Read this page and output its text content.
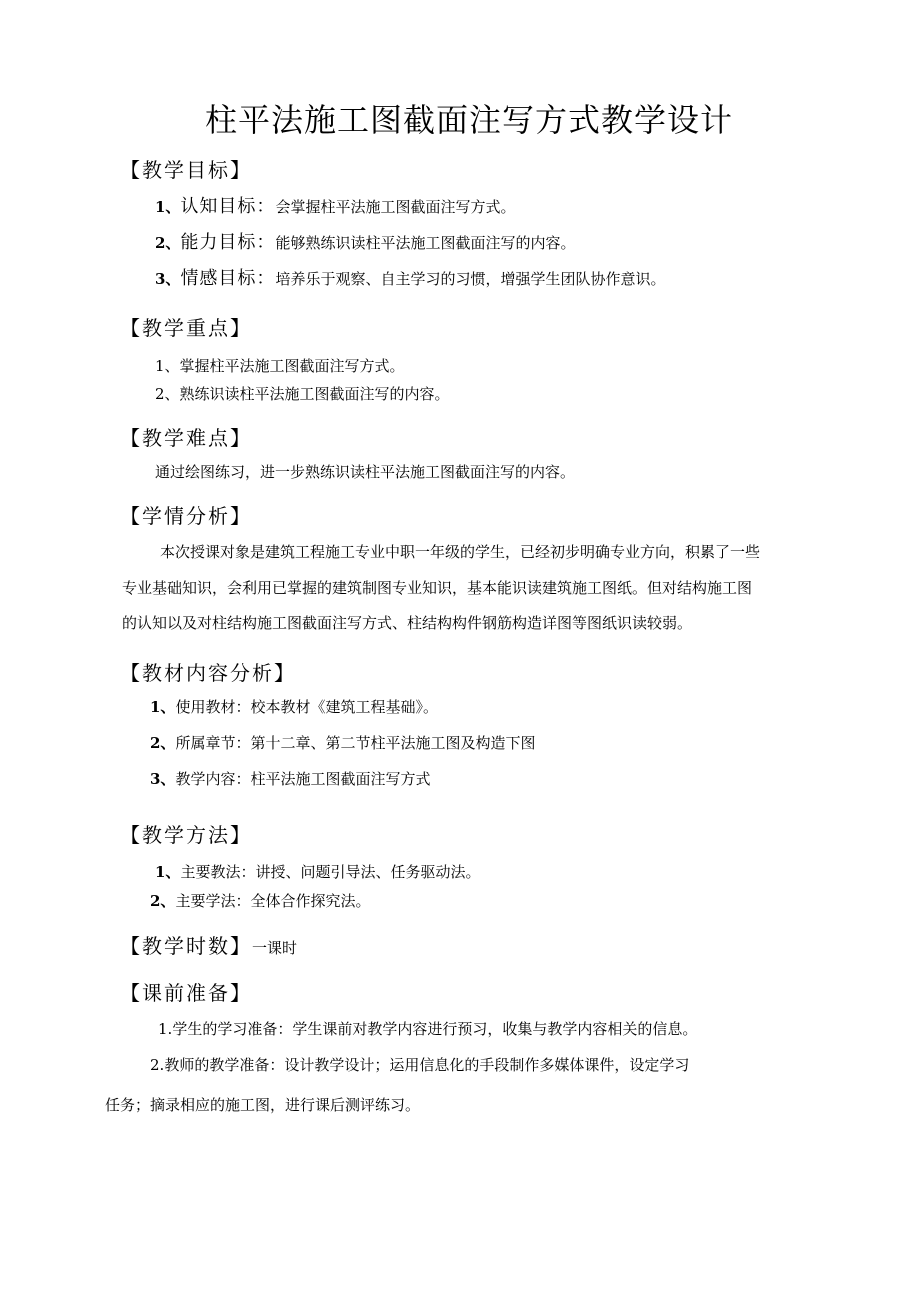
柱平法施工图截面注写方式教学设计
【教学目标】
1、认知目标：会掌握柱平法施工图截面注写方式。
2、能力目标：能够熟练识读柱平法施工图截面注写的内容。
3、情感目标：培养乐于观察、自主学习的习惯，增强学生团队协作意识。
【教学重点】
1、掌握柱平法施工图截面注写方式。
2、熟练识读柱平法施工图截面注写的内容。
【教学难点】
通过绘图练习，进一步熟练识读柱平法施工图截面注写的内容。
【学情分析】
本次授课对象是建筑工程施工专业中职一年级的学生，已经初步明确专业方向，积累了一些
专业基础知识，会利用已掌握的建筑制图专业知识，基本能识读建筑施工图纸。但对结构施工图
的认知以及对柱结构施工图截面注写方式、柱结构构件钢筋构造详图等图纸识读较弱。
【教材内容分析】
1、使用教材：校本教材《建筑工程基础》。
2、所属章节：第十二章、第二节柱平法施工图及构造下图
3、教学内容：柱平法施工图截面注写方式
【教学方法】
1、主要教法：讲授、问题引导法、任务驱动法。
2、主要学法：全体合作探究法。
【教学时数】一课时
【课前准备】
1.学生的学习准备：学生课前对教学内容进行预习，收集与教学内容相关的信息。
2.教师的教学准备：设计教学设计；运用信息化的手段制作多媒体课件，设定学习
任务；摘录相应的施工图，进行课后测评练习。
